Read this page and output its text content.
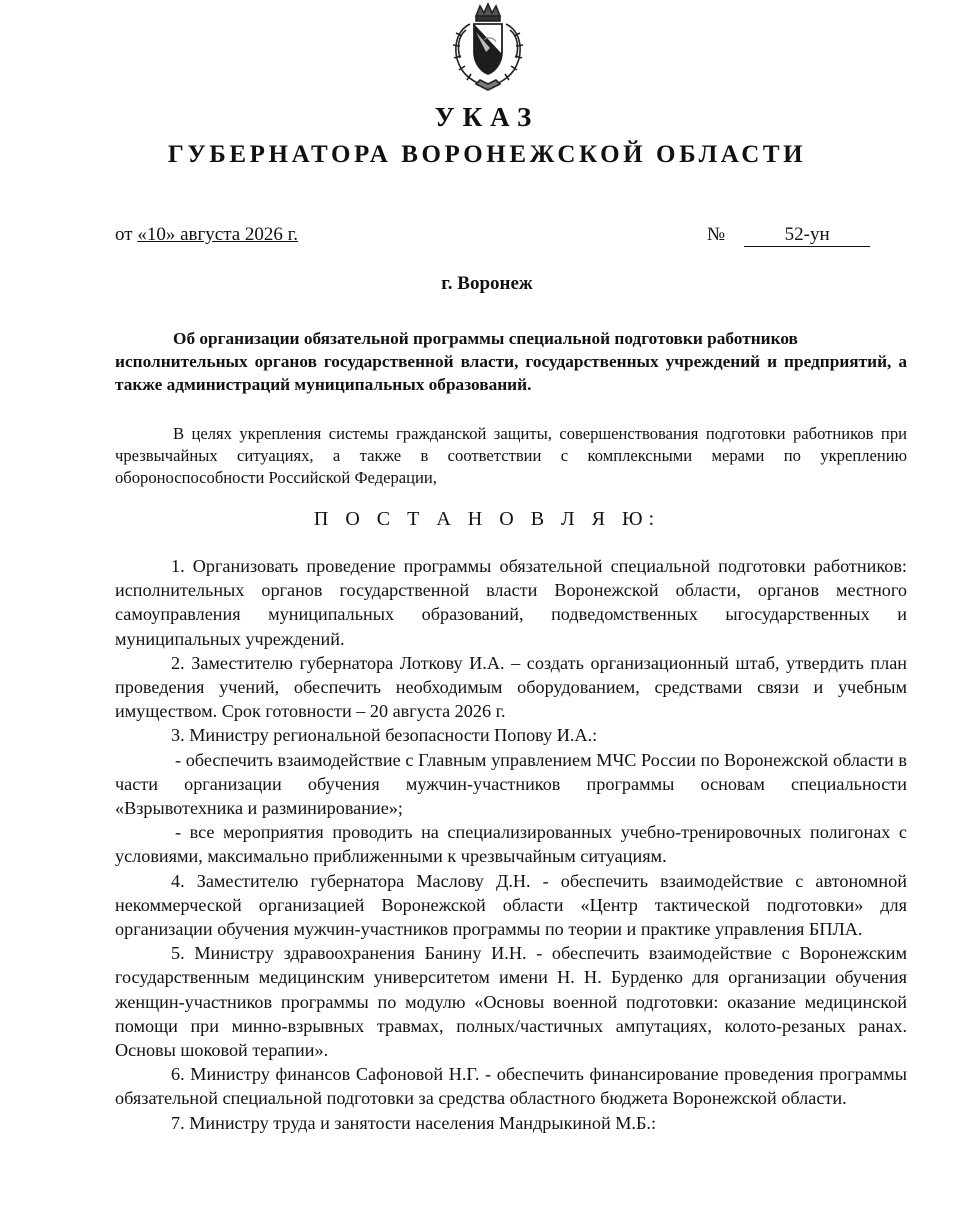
УКАЗ
ГУБЕРНАТОРА ВОРОНЕЖСКОЙ ОБЛАСТИ
от «10» августа 2026 г.	№	52-ун
г. Воронеж

Об организации обязательной программы специальной подготовки работников

исполнительных органов государственной власти, государственных учреждений и предприятий, а также администраций муниципальных образований.

В целях укрепления системы гражданской защиты, совершенствования подготовки работников при чрезвычайных ситуациях, а также в соответствии с комплексными мерами по укреплению обороноспособности Российской Федерации,

П О С Т А Н О В Л Я Ю:

1. Организовать проведение программы обязательной специальной подготовки работников: исполнительных органов государственной власти Воронежской области, органов местного самоуправления муниципальных образований, подведомственных ыгосударственных и муниципальных учреждений.

2. Заместителю губернатора Лоткову И.А. – создать организационный штаб, утвердить план проведения учений, обеспечить необходимым оборудованием, средствами связи и учебным имуществом. Срок готовности – 20 августа 2026 г.

3. Министру региональной безопасности Попову И.А.:

- обеспечить взаимодействие с Главным управлением МЧС России по Воронежской области в части организации обучения мужчин-участников программы основам специальности «Взрывотехника и разминирование»;

- все мероприятия проводить на специализированных учебно-тренировочных полигонах с условиями, максимально приближенными к чрезвычайным ситуациям.

4. Заместителю губернатора Маслову Д.Н. - обеспечить взаимодействие с автономной некоммерческой организацией Воронежской области «Центр тактической подготовки» для организации обучения мужчин-участников программы по теории и практике управления БПЛА.

5. Министру здравоохранения Банину И.Н. - обеспечить взаимодействие с Воронежским государственным медицинским университетом имени Н. Н. Бурденко для организации обучения женщин-участников программы по модулю «Основы военной подготовки: оказание медицинской помощи при минно-взрывных травмах, полных/частичных ампутациях, колото-резаных ранах. Основы шоковой терапии».

6. Министру финансов Сафоновой Н.Г. - обеспечить финансирование проведения программы обязательной специальной подготовки за средства областного бюджета Воронежской области.

7. Министру труда и занятости населения Мандрыкиной М.Б.:
